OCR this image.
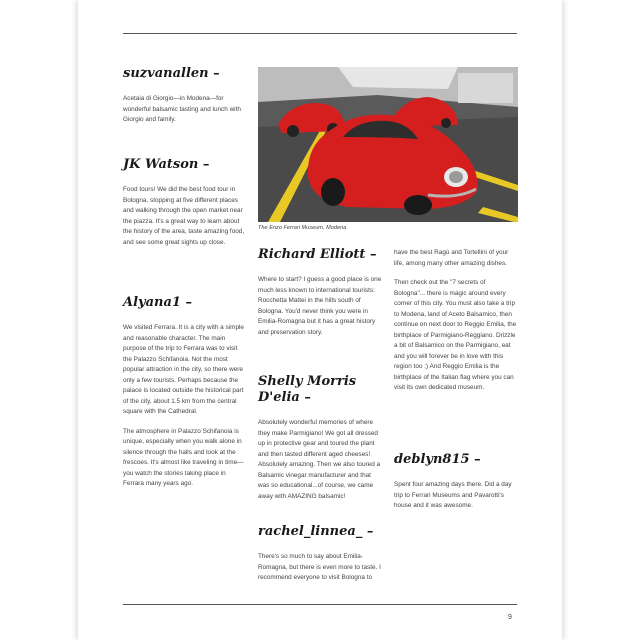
suzvanallen –

Acetaia di Giorgio—in Modena—for wonderful balsamic tasting and lunch with Giorgio and family.

JK Watson –

Food tours! We did the best food tour in Bologna, stopping at five different places and walking through the open market near the piazza. It's a great way to learn about the history of the area, taste amazing food, and see some great sights up close.

Alyana1 –

We visited Ferrara. It is a city with a simple and reasonable character. The main purpose of the trip to Ferrara was to visit the Palazzo Schifanoia. Not the most popular attraction in the city, so there were only a few tourists. Perhaps because the palace is located outside the historical part of the city, about 1.5 km from the central square with the Cathedral.

The atmosphere in Palazzo Schifanoia is unique, especially when you walk alone in silence through the halls and look at the frescoes. It's almost like traveling in time—you watch the stories taking place in Ferrara many years ago.

The Enzo Ferrari Museum, Modena
Richard Elliott –

Where to start? I guess a good place is one much less known to international tourists: Rocchetta Mattei in the hills south of Bologna. You'd never think you were in Emilia-Romagna but it has a great history and preservation story.

Shelly Morris D'elia –

Absolutely wonderful memories of where they make Parmigiano! We got all dressed up in protective gear and toured the plant and then tasted different aged cheeses! Absolutely amazing. Then we also toured a Balsamic vinegar manufacturer and that was so educational...of course, we came away with AMAZING balsamic!

rachel_linnea_ –

There's so much to say about Emilia-Romagna, but there is even more to taste. I recommend everyone to visit Bologna to

have the best Ragù and Tortellini of your life, among many other amazing dishes.

Then check out the "7 secrets of Bologna"... there is magic around every corner of this city. You must also take a trip to Modena, land of Aceto Balsamico, then continue on next door to Reggio Emilia, the birthplace of Parmigiano-Reggiano. Drizzle a bit of Balsamico on the Parmigiano, eat and you will forever be in love with this region too ;) And Reggio Emilia is the birthplace of the Italian flag where you can visit its own dedicated museum.

deblyn815 –

Spent four amazing days there. Did a day trip to Ferrari Museums and Pavarotti's house and it was awesome.

9
